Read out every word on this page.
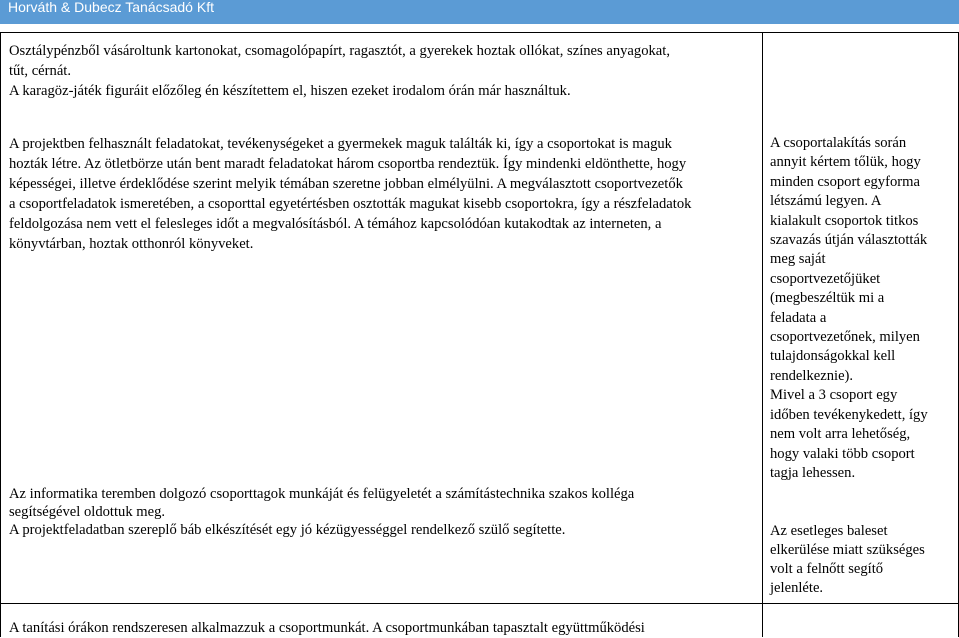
Horváth & Dubecz Tanácsadó Kft

Osztálypénzből vásároltunk kartonokat, csomagolópapírt, ragasztót, a gyerekek hoztak ollókat, színes anyagokat,
tűt, cérnát.
A karagöz-játék figuráit előzőleg én készítettem el, hiszen ezeket irodalom órán már használtuk.

A projektben felhasznált feladatokat, tevékenységeket a gyermekek maguk találták ki, így a csoportokat is maguk
hozták létre. Az ötletbörze után bent maradt feladatokat három csoportba rendeztük. Így mindenki eldönthette, hogy
képességei, illetve érdeklődése szerint melyik témában szeretne jobban elmélyülni. A megválasztott csoportvezetők
a csoportfeladatok ismeretében, a csoporttal egyetértésben osztották magukat kisebb csoportokra, így a részfeladatok
feldolgozása nem vett el felesleges időt a megvalósításból. A témához kapcsolódóan kutakodtak az interneten, a
könyvtárban, hoztak otthonról könyveket.

A csoportalakítás során
annyit kértem tőlük, hogy
minden csoport egyforma
létszámú legyen. A
kialakult csoportok titkos
szavazás útján választották
meg saját
csoportvezetőjüket
(megbeszéltük mi a
feladata a
csoportvezetőnek, milyen
tulajdonságokkal kell
rendelkeznie).
Mivel a 3 csoport egy
időben tevékenykedett, így
nem volt arra lehetőség,
hogy valaki több csoport
tagja lehessen.

Az informatika teremben dolgozó csoporttagok munkáját és felügyeletét a számítástechnika szakos kolléga
segítségével oldottuk meg.
A projektfeladatban szereplő báb elkészítését egy jó kézügyességgel rendelkező szülő segítette.	Az esetleges baleset
elkerülése miatt szükséges
volt a felnőtt segítő
jelenléte.

A tanítási órákon rendszeresen alkalmazzuk a csoportmunkát. A csoportmunkában tapasztalt együttműködési
